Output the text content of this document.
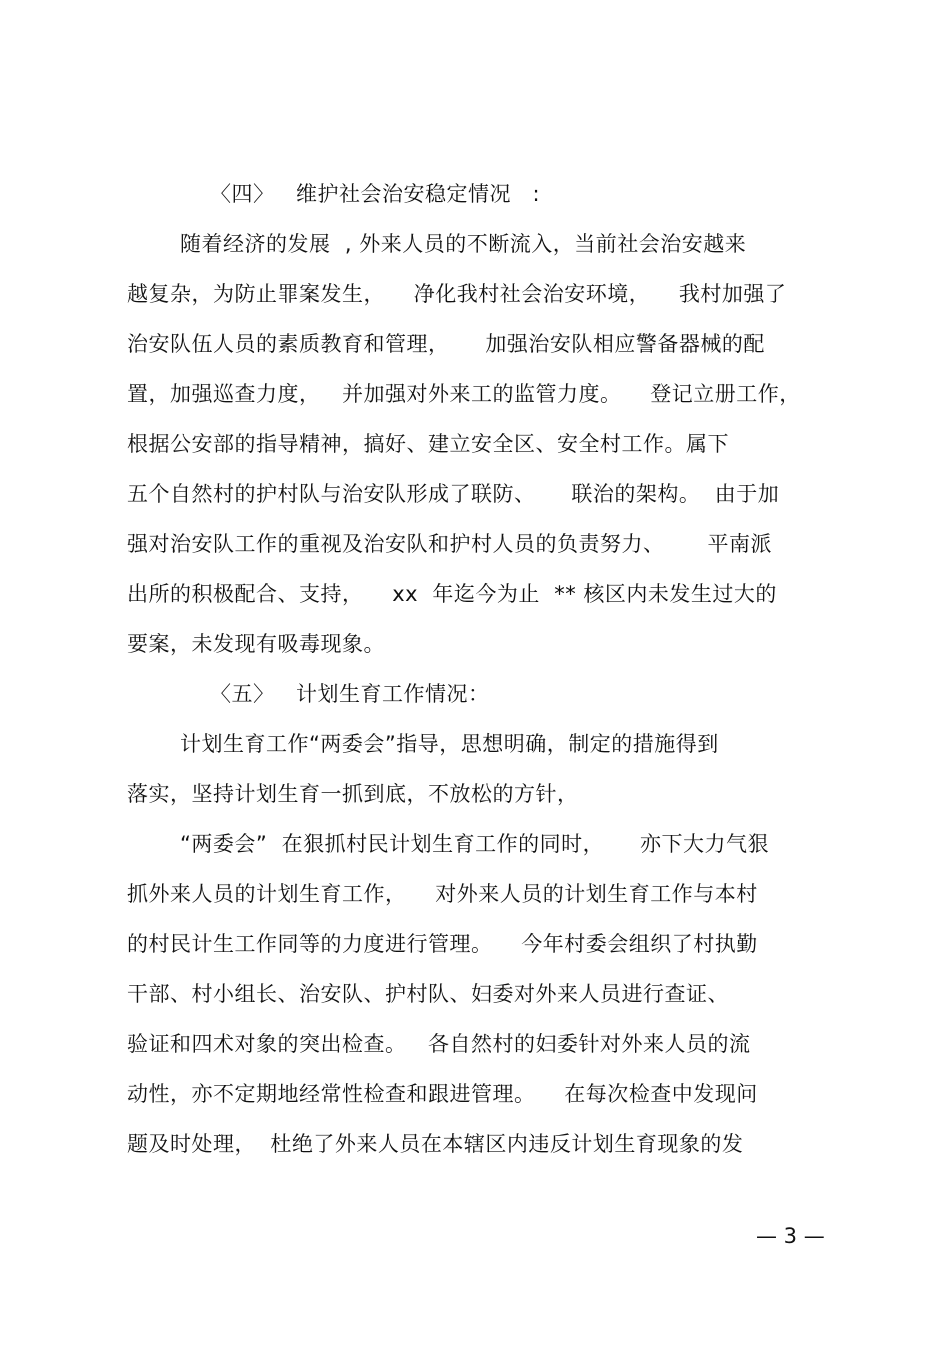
〈四〉   维护社会治安稳定情况   :
随着经济的发展  , 外来人员的不断流入，当前社会治安越来
越复杂，为防止罪案发生，    净化我村社会治安环境，    我村加强了
治安队伍人员的素质教育和管理，     加强治安队相应警备器械的配
置，加强巡查力度，   并加强对外来工的监管力度。    登记立册工作，
根据公安部的指导精神，搞好、建立安全区、安全村工作。属下
五个自然村的护村队与治安队形成了联防、     联治的架构。  由于加
强对治安队工作的重视及治安队和护村人员的负责努力、      平南派
出所的积极配合、支持，    xx  年迄今为止  ** 核区内未发生过大的
要案，未发现有吸毒现象。
〈五〉   计划生育工作情况：
计划生育工作“两委会”指导，思想明确，制定的措施得到
落实，坚持计划生育一抓到底，不放松的方针，
“两委会”  在狠抓村民计划生育工作的同时，     亦下大力气狠
抓外来人员的计划生育工作，    对外来人员的计划生育工作与本村
的村民计生工作同等的力度进行管理。    今年村委会组织了村执勤
干部、村小组长、治安队、护村队、妇委对外来人员进行查证、
验证和四术对象的突出检查。   各自然村的妇委针对外来人员的流
动性，亦不定期地经常性检查和跟进管理。    在每次检查中发现问
题及时处理，  杜绝了外来人员在本辖区内违反计划生育现象的发
— 3 —
